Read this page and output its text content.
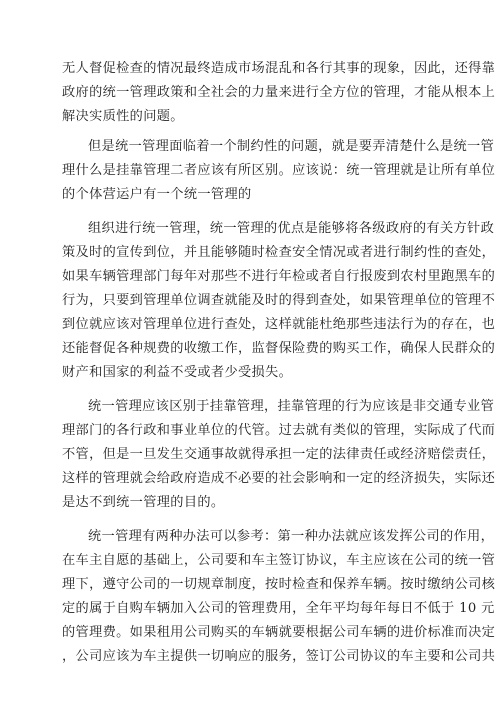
无人督促检查的情况最终造成市场混乱和各行其事的现象，因此，还得靠
政府的统一管理政策和全社会的力量来进行全方位的管理，才能从根本上
解决实质性的问题。
但是统一管理面临着一个制约性的问题，就是要弄清楚什么是统一管
理什么是挂靠管理二者应该有所区别。应该说：统一管理就是让所有单位
的个体营运户有一个统一管理的
组织进行统一管理，统一管理的优点是能够将各级政府的有关方针政
策及时的宣传到位，并且能够随时检查安全情况或者进行制约性的查处，
如果车辆管理部门每年对那些不进行年检或者自行报废到农村里跑黑车的
行为，只要到管理单位调查就能及时的得到查处，如果管理单位的管理不
到位就应该对管理单位进行查处，这样就能杜绝那些违法行为的存在，也
还能督促各种规费的收缴工作，监督保险费的购买工作，确保人民群众的
财产和国家的利益不受或者少受损失。
统一管理应该区别于挂靠管理，挂靠管理的行为应该是非交通专业管
理部门的各行政和事业单位的代管。过去就有类似的管理，实际成了代而
不管，但是一旦发生交通事故就得承担一定的法律责任或经济赔偿责任，
这样的管理就会给政府造成不必要的社会影响和一定的经济损失，实际还
是达不到统一管理的目的。
统一管理有两种办法可以参考：第一种办法就应该发挥公司的作用，
在车主自愿的基础上，公司要和车主签订协议，车主应该在公司的统一管
理下，遵守公司的一切规章制度，按时检查和保养车辆。按时缴纳公司核
定的属于自购车辆加入公司的管理费用，全年平均每年每日不低于 10 元
的管理费。如果租用公司购买的车辆就要根据公司车辆的进价标准而决定
，公司应该为车主提供一切响应的服务，签订公司协议的车主要和公司共
